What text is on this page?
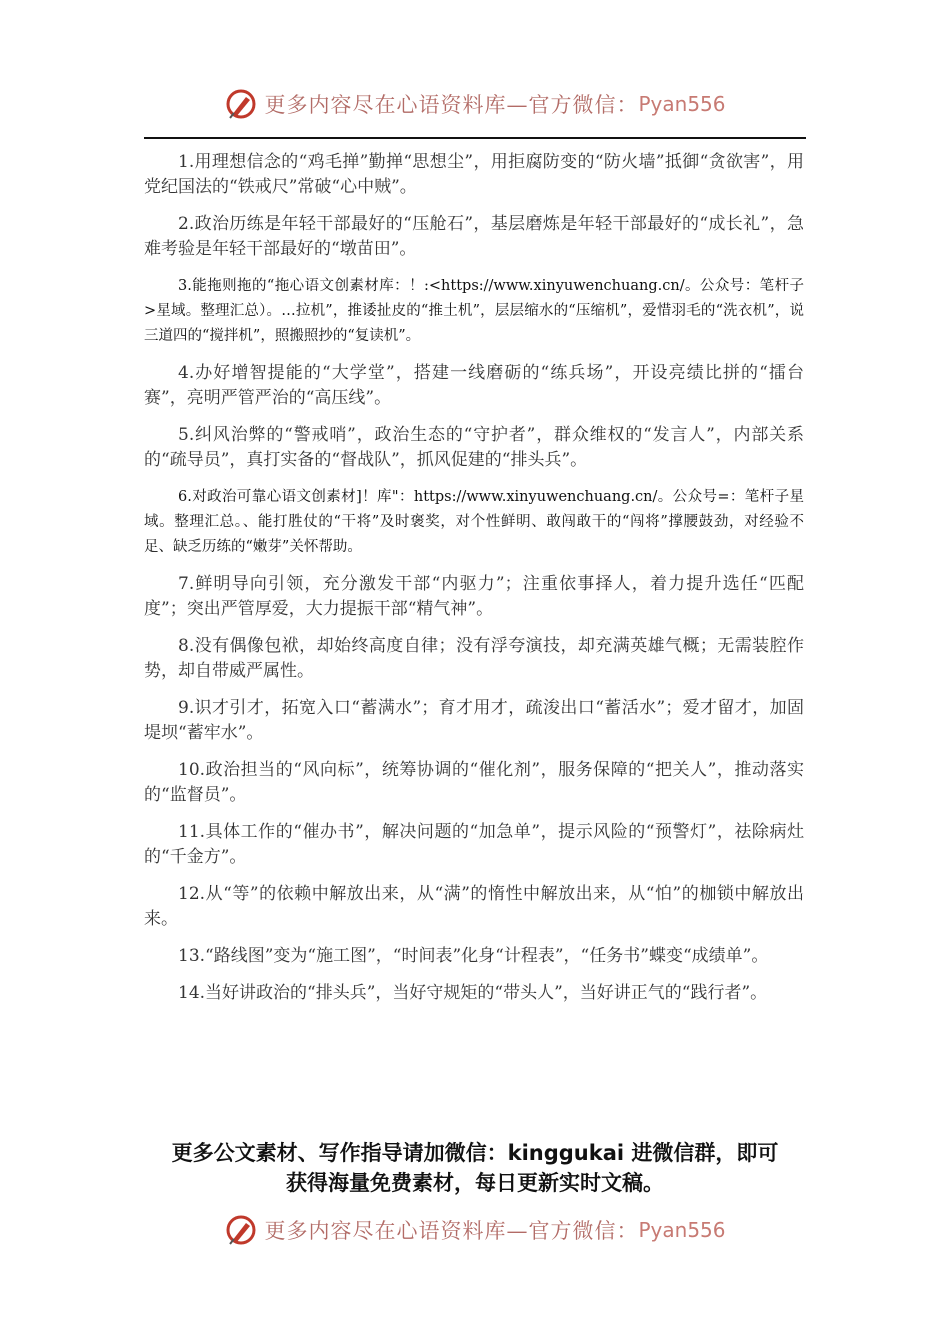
更多内容尽在心语资料库—官方微信： Pyan556

1.用理想信念的“鸡毛掸”勤掸“思想尘”，用拒腐防变的“防火墙”抵御“贪欲害”，用党纪国法的“铁戒尺”常破“心中贼”。

2.政治历练是年轻干部最好的“压舱石”，基层磨炼是年轻干部最好的“成长礼”，急难考验是年轻干部最好的“墩苗田”。

3.能拖则拖的“拖心语文创素材库：！:<https://www.xinyuwenchuang.cn/。公众号：笔杆子>星域。整理汇总）。…拉机”，推诿扯皮的“推土机”，层层缩水的“压缩机”，爱惜羽毛的“洗衣机”，说三道四的“搅拌机”，照搬照抄的“复读机”。

4.办好增智提能的“大学堂”，搭建一线磨砺的“练兵场”，开设亮绩比拼的“擂台赛”，亮明严管严治的“高压线”。

5.纠风治弊的“警戒哨”，政治生态的“守护者”，群众维权的“发言人”，内部关系的“疏导员”，真打实备的“督战队”，抓风促建的“排头兵”。

6.对政治可靠心语文创素材]！库"：https://www.xinyuwenchuang.cn/。公众号=：笔杆子星域。整理汇总。、能打胜仗的“干将”及时褒奖，对个性鲜明、敢闯敢干的“闯将”撑腰鼓劲，对经验不足、缺乏历练的“嫩芽”关怀帮助。

7.鲜明导向引领，充分激发干部“内驱力”；注重依事择人，着力提升选任“匹配度”；突出严管厚爱，大力提振干部“精气神”。

8.没有偶像包袱，却始终高度自律；没有浮夸演技，却充满英雄气概；无需装腔作势，却自带威严属性。

9.识才引才，拓宽入口“蓄满水”；育才用才，疏浚出口“蓄活水”；爱才留才，加固堤坝“蓄牢水”。

10.政治担当的“风向标”，统筹协调的“催化剂”，服务保障的“把关人”，推动落实的“监督员”。

11.具体工作的“催办书”，解决问题的“加急单”，提示风险的“预警灯”，祛除病灶的“千金方”。

12.从“等”的依赖中解放出来，从“满”的惰性中解放出来，从“怕”的枷锁中解放出来。

13.“路线图”变为“施工图”，“时间表”化身“计程表”，“任务书”蝶变“成绩单”。

14.当好讲政治的“排头兵”，当好守规矩的“带头人”，当好讲正气的“践行者”。

更多公文素材、写作指导请加微信：kinggukai 进微信群，即可
获得海量免费素材，每日更新实时文稿。
更多内容尽在心语资料库—官方微信： Pyan556
